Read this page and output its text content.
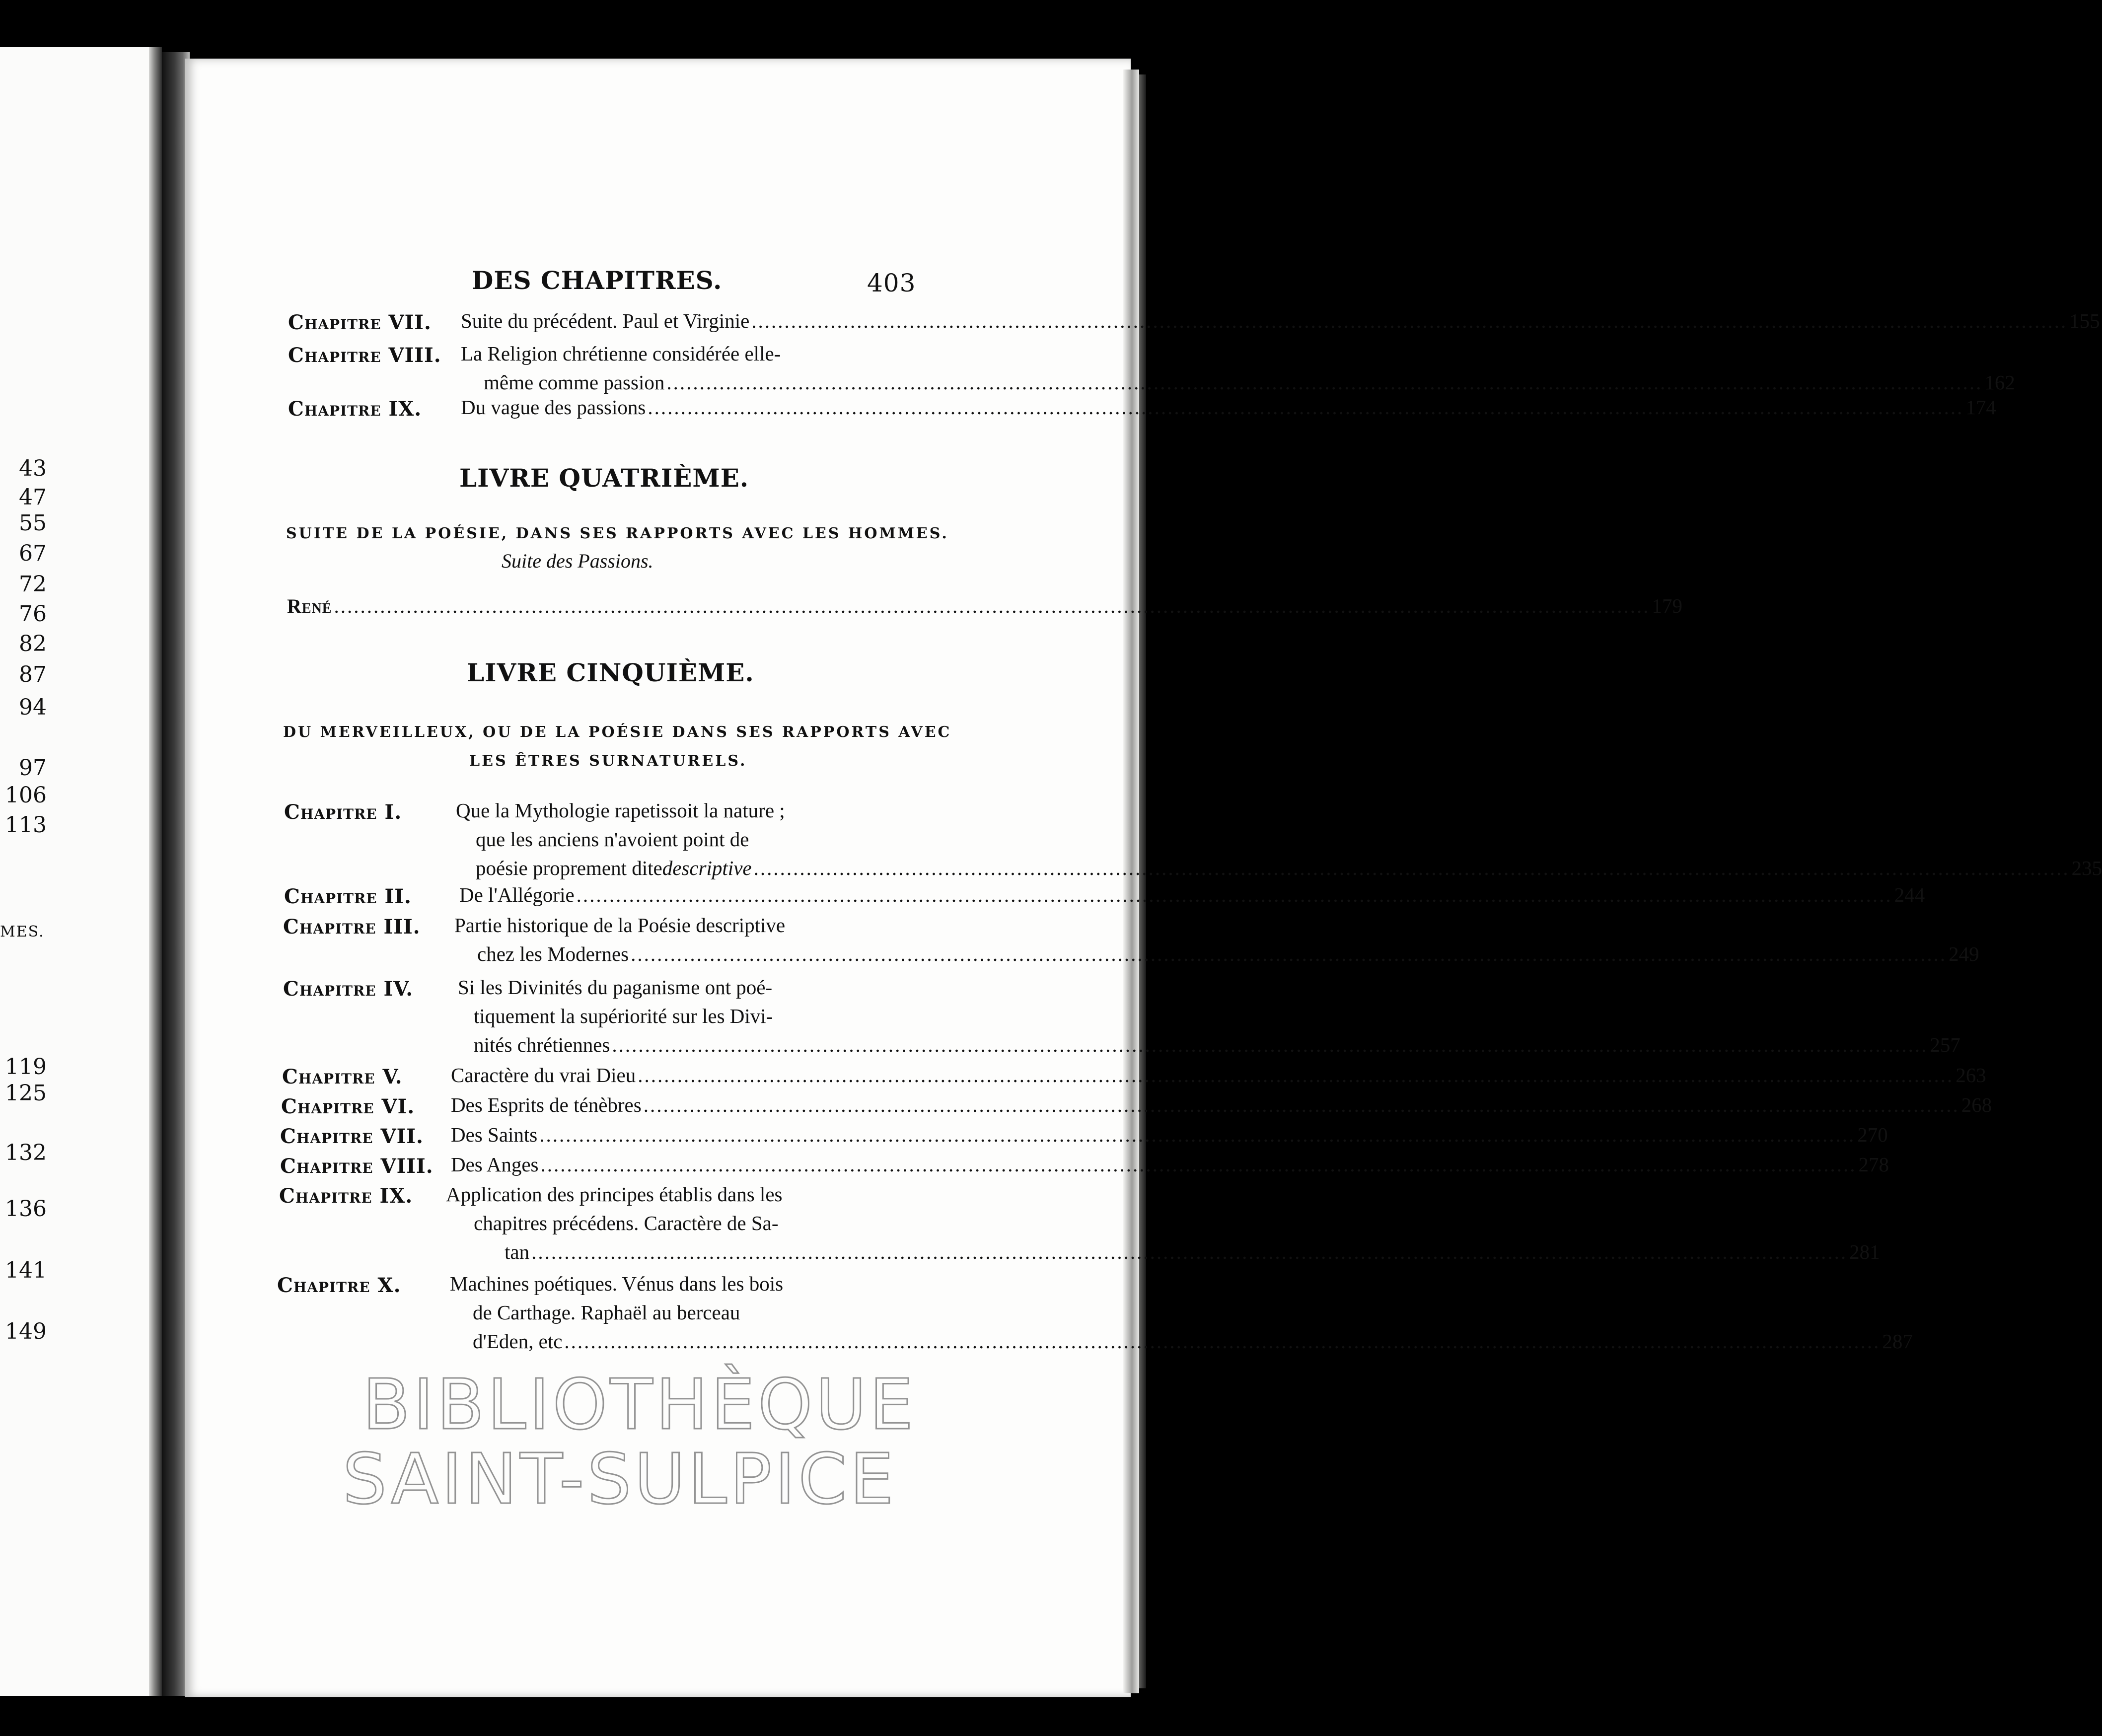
43
47
55
67
72
76
82
87
94
97
106
113
119
125
132
136
141
149
MES.
DES CHAPITRES.	403
Chapitre VII. Suite du précédent. Paul et Virginie ........................................................................................................................................................................................................ 155
Chapitre VIII. La Religion chrétienne considérée elle-
même comme passion ........................................................................................................................................................................................................ 162
Chapitre IX. Du vague des passions ........................................................................................................................................................................................................ 174
René ........................................................................................................................................................................................................ 179
Chapitre I.	Que la Mythologie rapetissoit la nature ;
que les anciens n'avoient point de
poésie proprement dite descriptive ........................................................................................................................................................................................................ 235
Chapitre II. De l'Allégorie ........................................................................................................................................................................................................ 244
Chapitre III. Partie historique de la Poésie descriptive
chez les Modernes ........................................................................................................................................................................................................ 249
Chapitre IV. Si les Divinités du paganisme ont poé-
tiquement la supériorité sur les Divi-
nités chrétiennes ........................................................................................................................................................................................................ 257
Chapitre V. Caractère du vrai Dieu ........................................................................................................................................................................................................ 263
Chapitre VI. Des Esprits de ténèbres ........................................................................................................................................................................................................ 268
Chapitre VII. Des Saints ........................................................................................................................................................................................................ 270
Chapitre VIII. Des Anges ........................................................................................................................................................................................................ 278
Chapitre IX. Application des principes établis dans les
chapitres précédens. Caractère de Sa-
tan ........................................................................................................................................................................................................ 281
Chapitre X. Machines poétiques. Vénus dans les bois
de Carthage. Raphaël au berceau
d'Eden, etc ........................................................................................................................................................................................................ 287
LIVRE QUATRIÈME.
SUITE DE LA POÉSIE, DANS SES RAPPORTS AVEC LES HOMMES.
Suite des Passions.
LIVRE CINQUIÈME.
DU MERVEILLEUX, OU DE LA POÉSIE DANS SES RAPPORTS AVEC
LES ÊTRES SURNATURELS.
BIBLIOTHÈQUE
SAINT-SULPICE
